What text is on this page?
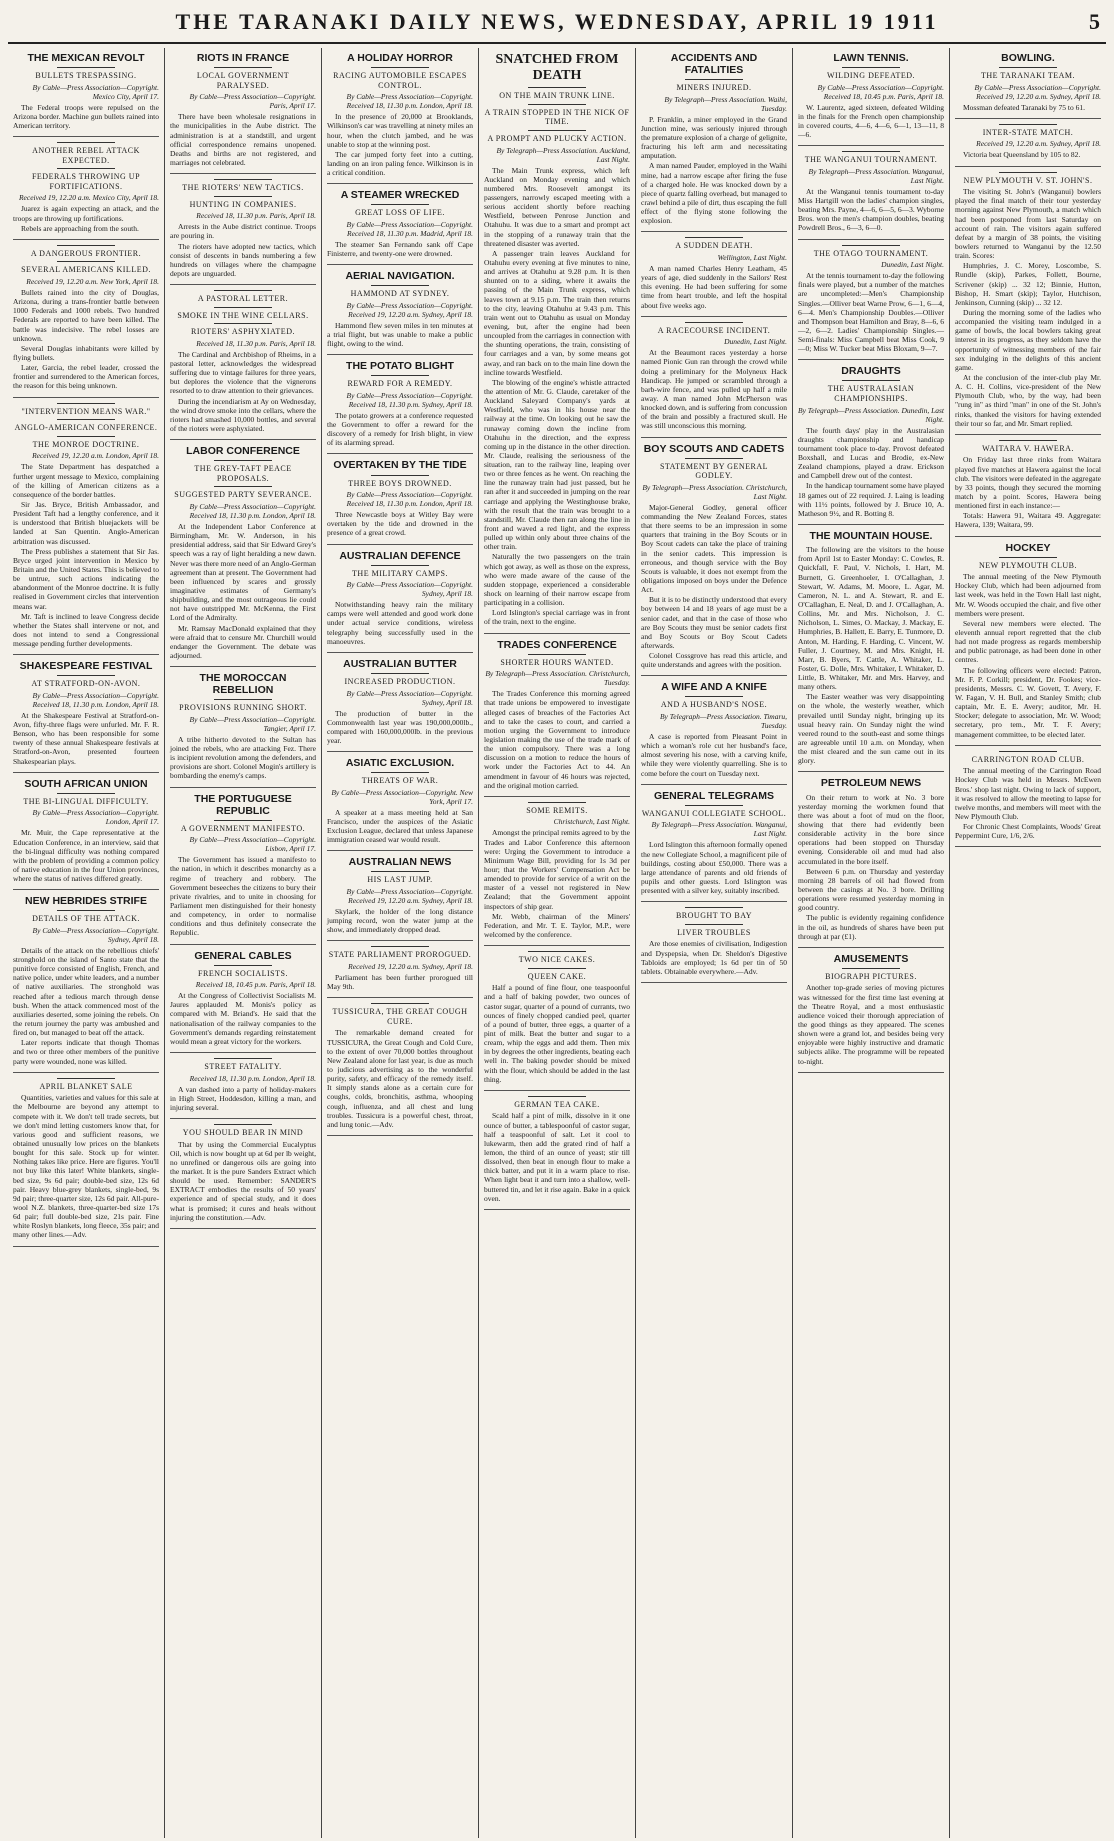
THE TARANAKI DAILY NEWS, WEDNESDAY, APRIL 19 1911	5
THE MEXICAN REVOLT
BULLETS TRESPASSING.
By Cable—Press Association—Copyright. Mexico City, April 17.

The Federal troops were repulsed on the Arizona border. Machine gun bullets rained into American territory.

ANOTHER REBEL ATTACK EXPECTED.
FEDERALS THROWING UP FORTIFICATIONS.
Received 19, 12.20 a.m. Mexico City, April 18.

Juarez is again expecting an attack, and the troops are throwing up fortifications.

Rebels are approaching from the south.

A DANGEROUS FRONTIER.
SEVERAL AMERICANS KILLED.
Received 19, 12.20 a.m. New York, April 18.

Bullets rained into the city of Douglas, Arizona, during a trans-frontier battle between 1000 Federals and 1000 rebels. Two hundred Federals are reported to have been killed. The battle was indecisive. The rebel losses are unknown.

Several Douglas inhabitants were killed by flying bullets.

Later, Garcia, the rebel leader, crossed the frontier and surrendered to the American forces, the reason for this being unknown.

"INTERVENTION MEANS WAR."
ANGLO-AMERICAN CONFERENCE.
THE MONROE DOCTRINE.
Received 19, 12.20 a.m. London, April 18.

The State Department has despatched a further urgent message to Mexico, complaining of the killing of American citizens as a consequence of the border battles.

Sir Jas. Bryce, British Ambassador, and President Taft had a lengthy conference, and it is understood that British bluejackets will be landed at San Quentin. Anglo-American arbitration was discussed.

The Press publishes a statement that Sir Jas. Bryce urged joint intervention in Mexico by Britain and the United States. This is believed to be untrue, such actions indicating the abandonment of the Monroe doctrine. It is fully realised in Government circles that intervention means war.

Mr. Taft is inclined to leave Congress decide whether the States shall intervene or not, and does not intend to send a Congressional message pending further developments.

SHAKESPEARE FESTIVAL
AT STRATFORD-ON-AVON.
By Cable—Press Association—Copyright. Received 18, 11.30 p.m. London, April 18.

At the Shakespeare Festival at Stratford-on-Avon, fifty-three flags were unfurled. Mr. F. R. Benson, who has been responsible for some twenty of these annual Shakespeare festivals at Stratford-on-Avon, presented fourteen Shakespearian plays.

SOUTH AFRICAN UNION
THE BI-LINGUAL DIFFICULTY.
By Cable—Press Association—Copyright. London, April 17.

Mr. Muir, the Cape representative at the Education Conference, in an interview, said that the bi-lingual difficulty was nothing compared with the problem of providing a common policy of native education in the four Union provinces, where the status of natives differed greatly.

NEW HEBRIDES STRIFE
DETAILS OF THE ATTACK.
By Cable—Press Association—Copyright. Sydney, April 18.

Details of the attack on the rebellious chiefs' stronghold on the island of Santo state that the punitive force consisted of English, French, and native police, under white leaders, and a number of native auxiliaries. The stronghold was reached after a tedious march through dense bush. When the attack commenced most of the auxiliaries deserted, some joining the rebels. On the return journey the party was ambushed and fired on, but managed to beat off the attack.

Later reports indicate that though Thomas and two or three other members of the punitive party were wounded, none was killed.

APRIL BLANKET SALE

Quantities, varieties and values for this sale at the Melbourne are beyond any attempt to compete with it. We don't tell trade secrets, but we don't mind letting customers know that, for various good and sufficient reasons, we obtained unusually low prices on the blankets bought for this sale. Stock up for winter. Nothing takes like price. Here are figures. You'll not buy like this later! White blankets, single-bed size, 9s 6d pair; double-bed size, 12s 6d pair. Heavy blue-grey blankets, single-bed, 9s 9d pair; three-quarter size, 12s 6d pair. All-pure-wool N.Z. blankets, three-quarter-bed size 17s 6d pair; full double-bed size, 21s pair. Fine white Roslyn blankets, long fleece, 35s pair; and many other lines.—Adv.

RIOTS IN FRANCE
LOCAL GOVERNMENT PARALYSED.
By Cable—Press Association—Copyright. Paris, April 17.

There have been wholesale resignations in the municipalities in the Aube district. The administration is at a standstill, and urgent official correspondence remains unopened. Deaths and births are not registered, and marriages not celebrated.

THE RIOTERS' NEW TACTICS.
HUNTING IN COMPANIES.
Received 18, 11.30 p.m. Paris, April 18.

Arrests in the Aube district continue. Troops are pouring in.

The rioters have adopted new tactics, which consist of descents in bands numbering a few hundreds on villages where the champagne depots are unguarded.

A PASTORAL LETTER.
SMOKE IN THE WINE CELLARS.
RIOTERS' ASPHYXIATED.
Received 18, 11.30 p.m. Paris, April 18.

The Cardinal and Archbishop of Rheims, in a pastoral letter, acknowledges the widespread suffering due to vintage failures for three years, but deplores the violence that the vignerons resorted to to draw attention to their grievances.

During the incendiarism at Ay on Wednesday, the wind drove smoke into the cellars, where the rioters had smashed 10,000 bottles, and several of the rioters were asphyxiated.

LABOR CONFERENCE
THE GREY-TAFT PEACE PROPOSALS.
SUGGESTED PARTY SEVERANCE.
By Cable—Press Association—Copyright. Received 18, 11.30 p.m. London, April 18.

At the Independent Labor Conference at Birmingham, Mr. W. Anderson, in his presidential address, said that Sir Edward Grey's speech was a ray of light heralding a new dawn. Never was there more need of an Anglo-German agreement than at present. The Government had been influenced by scares and grossly imaginative estimates of Germany's shipbuilding, and the most outrageous lie could not have outstripped Mr. McKenna, the First Lord of the Admiralty.

Mr. Ramsay MacDonald explained that they were afraid that to censure Mr. Churchill would endanger the Government. The debate was adjourned.

THE MOROCCAN REBELLION
PROVISIONS RUNNING SHORT.
By Cable—Press Association—Copyright. Tangier, April 17.

A tribe hitherto devoted to the Sultan has joined the rebels, who are attacking Fez. There is incipient revolution among the defenders, and provisions are short. Colonel Mogin's artillery is bombarding the enemy's camps.

THE PORTUGUESE REPUBLIC
A GOVERNMENT MANIFESTO.
By Cable—Press Association—Copyright. Lisbon, April 17.

The Government has issued a manifesto to the nation, in which it describes monarchy as a regime of treachery and robbery. The Government beseeches the citizens to bury their private rivalries, and to unite in choosing for Parliament men distinguished for their honesty and competency, in order to normalise conditions and thus definitely consecrate the Republic.

GENERAL CABLES
FRENCH SOCIALISTS.
Received 18, 10.45 p.m. Paris, April 18.

At the Congress of Collectivist Socialists M. Jaures applauded M. Monis's policy as compared with M. Briand's. He said that the nationalisation of the railway companies to the Government's demands regarding reinstatement would mean a great victory for the workers.

STREET FATALITY.
Received 18, 11.30 p.m. London, April 18.

A van dashed into a party of holiday-makers in High Street, Hoddesdon, killing a man, and injuring several.

YOU SHOULD BEAR IN MIND

That by using the Commercial Eucalyptus Oil, which is now bought up at 6d per lb weight, no unrefined or dangerous oils are going into the market. It is the pure Sanders Extract which should be used. Remember: SANDER'S EXTRACT embodies the results of 50 years' experience and of special study, and it does what is promised; it cures and heals without injuring the constitution.—Adv.

A HOLIDAY HORROR
RACING AUTOMOBILE ESCAPES CONTROL.
By Cable—Press Association—Copyright. Received 18, 11.30 p.m. London, April 18.

In the presence of 20,000 at Brooklands, Wilkinson's car was travelling at ninety miles an hour, when the clutch jambed, and he was unable to stop at the winning post.

The car jumped forty feet into a cutting, landing on an iron paling fence. Wilkinson is in a critical condition.

A STEAMER WRECKED
GREAT LOSS OF LIFE.
By Cable—Press Association—Copyright. Received 18, 11.30 p.m. Madrid, April 18.

The steamer San Fernando sank off Cape Finisterre, and twenty-one were drowned.

AERIAL NAVIGATION.
HAMMOND AT SYDNEY.
By Cable—Press Association—Copyright. Received 19, 12.20 a.m. Sydney, April 18.

Hammond flew seven miles in ten minutes at a trial flight, but was unable to make a public flight, owing to the wind.

THE POTATO BLIGHT
REWARD FOR A REMEDY.
By Cable—Press Association—Copyright. Received 18, 11.30 p.m. Sydney, April 18.

The potato growers at a conference requested the Government to offer a reward for the discovery of a remedy for Irish blight, in view of its alarming spread.

OVERTAKEN BY THE TIDE
THREE BOYS DROWNED.
By Cable—Press Association—Copyright. Received 18, 11.30 p.m. London, April 18.

Three Newcastle boys at Witley Bay were overtaken by the tide and drowned in the presence of a great crowd.

AUSTRALIAN DEFENCE
THE MILITARY CAMPS.
By Cable—Press Association—Copyright. Sydney, April 18.

Notwithstanding heavy rain the military camps were well attended and good work done under actual service conditions, wireless telegraphy being successfully used in the manoeuvres.

AUSTRALIAN BUTTER
INCREASED PRODUCTION.
By Cable—Press Association—Copyright. Sydney, April 18.

The production of butter in the Commonwealth last year was 190,000,000lb., compared with 160,000,000lb. in the previous year.

ASIATIC EXCLUSION.
THREATS OF WAR.
By Cable—Press Association—Copyright. New York, April 17.

A speaker at a mass meeting held at San Francisco, under the auspices of the Asiatic Exclusion League, declared that unless Japanese immigration ceased war would result.

AUSTRALIAN NEWS
HIS LAST JUMP.
By Cable—Press Association—Copyright. Received 19, 12.20 a.m. Sydney, April 18.

Skylark, the holder of the long distance jumping record, won the water jump at the show, and immediately dropped dead.

STATE PARLIAMENT PROROGUED.
Received 19, 12.20 a.m. Sydney, April 18.

Parliament has been further prorogued till May 9th.

TUSSICURA, THE GREAT COUGH CURE.

The remarkable demand created for TUSSICURA, the Great Cough and Cold Cure, to the extent of over 70,000 bottles throughout New Zealand alone for last year, is due as much to judicious advertising as to the wonderful purity, safety, and efficacy of the remedy itself. It simply stands alone as a certain cure for coughs, colds, bronchitis, asthma, whooping cough, influenza, and all chest and lung troubles. Tussicura is a powerful chest, throat, and lung tonic.—Adv.

SNATCHED FROM DEATH
ON THE MAIN TRUNK LINE.
A TRAIN STOPPED IN THE NICK OF TIME.
A PROMPT AND PLUCKY ACTION.
By Telegraph—Press Association. Auckland, Last Night.

The Main Trunk express, which left Auckland on Monday evening and which numbered Mrs. Roosevelt amongst its passengers, narrowly escaped meeting with a serious accident shortly before reaching Westfield, between Penrose Junction and Otahuhu. It was due to a smart and prompt act in the stopping of a runaway train that the threatened disaster was averted.

A passenger train leaves Auckland for Otahuhu every evening at five minutes to nine, and arrives at Otahuhu at 9.28 p.m. It is then shunted on to a siding, where it awaits the passing of the Main Trunk express, which leaves town at 9.15 p.m. The train then returns to the city, leaving Otahuhu at 9.43 p.m. This train went out to Otahuhu as usual on Monday evening, but, after the engine had been uncoupled from the carriages in connection with the shunting operations, the train, consisting of four carriages and a van, by some means got away, and ran back on to the main line down the incline towards Westfield.

The blowing of the engine's whistle attracted the attention of Mr. G. Claude, caretaker of the Auckland Saleyard Company's yards at Westfield, who was in his house near the railway at the time. On looking out he saw the runaway coming down the incline from Otahuhu in the direction, and the express coming up in the distance in the other direction. Mr. Claude, realising the seriousness of the situation, ran to the railway line, leaping over two or three fences as he went. On reaching the line the runaway train had just passed, but he ran after it and succeeded in jumping on the rear carriage and applying the Westinghouse brake, with the result that the train was brought to a standstill, Mr. Claude then ran along the line in front and waved a red light, and the express pulled up within only about three chains of the other train.

Naturally the two passengers on the train which got away, as well as those on the express, who were made aware of the cause of the sudden stoppage, experienced a considerable shock on learning of their narrow escape from participating in a collision.

Lord Islington's special carriage was in front of the train, next to the engine.

TRADES CONFERENCE
SHORTER HOURS WANTED.
By Telegraph—Press Association. Christchurch, Tuesday.

The Trades Conference this morning agreed that trade unions be empowered to investigate alleged cases of breaches of the Factories Act and to take the cases to court, and carried a motion urging the Government to introduce legislation making the use of the trade mark of the union compulsory. There was a long discussion on a motion to reduce the hours of work under the Factories Act to 44. An amendment in favour of 46 hours was rejected, and the original motion carried.

SOME REMITS.
Christchurch, Last Night.

Amongst the principal remits agreed to by the Trades and Labor Conference this afternoon were: Urging the Government to introduce a Minimum Wage Bill, providing for 1s 3d per hour; that the Workers' Compensation Act be amended to provide for service of a writ on the master of a vessel not registered in New Zealand; that the Government appoint inspectors of ship gear.

Mr. Webb, chairman of the Miners' Federation, and Mr. T. E. Taylor, M.P., were welcomed by the conference.

TWO NICE CAKES.
QUEEN CAKE.

Half a pound of fine flour, one teaspoonful and a half of baking powder, two ounces of castor sugar, quarter of a pound of currants, two ounces of finely chopped candied peel, quarter of a pound of butter, three eggs, a quarter of a pint of milk. Beat the butter and sugar to a cream, whip the eggs and add them. Then mix in by degrees the other ingredients, beating each well in. The baking powder should be mixed with the flour, which should be added in the last thing.

GERMAN TEA CAKE.

Scald half a pint of milk, dissolve in it one ounce of butter, a tablespoonful of castor sugar, half a teaspoonful of salt. Let it cool to lukewarm, then add the grated rind of half a lemon, the third of an ounce of yeast; stir till dissolved, then beat in enough flour to make a thick batter, and put it in a warm place to rise. When light beat it and turn into a shallow, well-buttered tin, and let it rise again. Bake in a quick oven.

ACCIDENTS AND FATALITIES
MINERS INJURED.
By Telegraph—Press Association. Waihi, Tuesday.

P. Franklin, a miner employed in the Grand Junction mine, was seriously injured through the premature explosion of a charge of gelignite, fracturing his left arm and necessitating amputation.

A man named Pauder, employed in the Waihi mine, had a narrow escape after firing the fuse of a charged hole. He was knocked down by a piece of quartz falling overhead, but managed to crawl behind a pile of dirt, thus escaping the full effect of the flying stone following the explosion.

A SUDDEN DEATH.
Wellington, Last Night.

A man named Charles Henry Leatham, 45 years of age, died suddenly in the Sailors' Rest this evening. He had been suffering for some time from heart trouble, and left the hospital about five weeks ago.

A RACECOURSE INCIDENT.
Dunedin, Last Night.

At the Beaumont races yesterday a horse named Pionic Gun ran through the crowd while doing a preliminary for the Molyneux Hack Handicap. He jumped or scrambled through a barb-wire fence, and was pulled up half a mile away. A man named John McPherson was knocked down, and is suffering from concussion of the brain and possibly a fractured skull. He was still unconscious this morning.

BOY SCOUTS AND CADETS
STATEMENT BY GENERAL GODLEY.
By Telegraph—Press Association. Christchurch, Last Night.

Major-General Godley, general officer commanding the New Zealand Forces, states that there seems to be an impression in some quarters that training in the Boy Scouts or in Boy Scout cadets can take the place of training in the senior cadets. This impression is erroneous, and though service with the Boy Scouts is valuable, it does not exempt from the obligations imposed on boys under the Defence Act.

But it is to be distinctly understood that every boy between 14 and 18 years of age must be a senior cadet, and that in the case of those who are Boy Scouts they must be senior cadets first and Boy Scouts or Boy Scout Cadets afterwards.

Colonel Cossgrove has read this article, and quite understands and agrees with the position.

A WIFE AND A KNIFE
AND A HUSBAND'S NOSE.
By Telegraph—Press Association. Timaru, Tuesday.

A case is reported from Pleasant Point in which a woman's role cut her husband's face, almost severing his nose, with a carving knife, while they were violently quarrelling. She is to come before the court on Tuesday next.

GENERAL TELEGRAMS
WANGANUI COLLEGIATE SCHOOL.
By Telegraph—Press Association. Wanganui, Last Night.

Lord Islington this afternoon formally opened the new Collegiate School, a magnificent pile of buildings, costing about £50,000. There was a large attendance of parents and old friends of pupils and other guests. Lord Islington was presented with a silver key, suitably inscribed.

BROUGHT TO BAY
LIVER TROUBLES

Are those enemies of civilisation, Indigestion and Dyspepsia, when Dr. Sheldon's Digestive Tabloids are employed; 1s 6d per tin of 50 tablets. Obtainable everywhere.—Adv.

LAWN TENNIS.
WILDING DEFEATED.
By Cable—Press Association—Copyright. Received 18, 10.45 p.m. Paris, April 18.

W. Laurentz, aged sixteen, defeated Wilding in the finals for the French open championship in covered courts, 4—6, 4—6, 6—1, 13—11, 8—6.

THE WANGANUI TOURNAMENT.
By Telegraph—Press Association. Wanganui, Last Night.

At the Wanganui tennis tournament to-day Miss Hartgill won the ladies' champion singles, beating Mrs. Payne, 4—6, 6—5, 6—3. Wyborne Bros. won the men's champion doubles, beating Powdrell Bros., 6—3, 6—0.

THE OTAGO TOURNAMENT.
Dunedin, Last Night.

At the tennis tournament to-day the following finals were played, but a number of the matches are uncompleted:—Men's Championship Singles.—Olliver beat Warne Prow, 6—1, 6—4, 6—4. Men's Championship Doubles.—Olliver and Thompson beat Hamilton and Bray, 8—6, 6—2, 6—2. Ladies' Championship Singles.—Semi-finals: Miss Campbell beat Miss Cook, 9—0; Miss W. Tucker beat Miss Bloxam, 9—7.

DRAUGHTS
THE AUSTRALASIAN CHAMPIONSHIPS.
By Telegraph—Press Association. Dunedin, Last Night.

The fourth days' play in the Australasian draughts championship and handicap tournament took place to-day. Provost defeated Boxshall, and Lucas and Brodie, ex-New Zealand champions, played a draw. Erickson and Campbell drew out of the contest.

In the handicap tournament some have played 18 games out of 22 required. J. Laing is leading with 11½ points, followed by J. Bruce 10, A. Matheson 9½, and R. Botting 8.

THE MOUNTAIN HOUSE.

The following are the visitors to the house from April 1st to Easter Monday: C. Cowles, R. Quickfall, F. Paul, V. Nichols, I. Hart, M. Burnett, G. Greenhoeler, I. O'Callaghan, J. Stewart, W. Adams, M. Moore, L. Agar, M. Cameron, N. L. and A. Stewart, R. and E. O'Callaghan, E. Neal, D. and J. O'Callaghan, A. Collins, Mr. and Mrs. Nicholson, J. C. Nicholson, L. Simes, O. Mackay, J. Mackay, E. Humphries, B. Hallett, E. Barry, E. Tunmore, D. Anton, M. Harding, F. Harding, C. Vincent, W. Fuller, J. Courtney, M. and Mrs. Knight, H. Marr, B. Byers, T. Cattle, A. Whitaker, L. Foster, G. Dolle, Mrs. Whitaker, I. Whitaker, D. Little, B. Whitaker, Mr. and Mrs. Harvey, and many others.

The Easter weather was very disappointing on the whole, the westerly weather, which prevailed until Sunday night, bringing up its usual heavy rain. On Sunday night the wind veered round to the south-east and some things are agreeable until 10 a.m. on Monday, when the mist cleared and the sun came out in its glory.

PETROLEUM NEWS

On their return to work at No. 3 bore yesterday morning the workmen found that there was about a foot of mud on the floor, showing that there had evidently been considerable activity in the bore since operations had been stopped on Thursday evening. Considerable oil and mud had also accumulated in the bore itself.

Between 6 p.m. on Thursday and yesterday morning 28 barrels of oil had flowed from between the casings at No. 3 bore. Drilling operations were resumed yesterday morning in good country.

The public is evidently regaining confidence in the oil, as hundreds of shares have been put through at par (£1).

AMUSEMENTS
BIOGRAPH PICTURES.

Another top-grade series of moving pictures was witnessed for the first time last evening at the Theatre Royal, and a most enthusiastic audience voiced their thorough appreciation of the good things as they appeared. The scenes shown were a grand lot, and besides being very enjoyable were highly instructive and dramatic subjects alike. The programme will be repeated to-night.

BOWLING.
THE TARANAKI TEAM.
By Cable—Press Association—Copyright. Received 19, 12.20 a.m. Sydney, April 18.

Mossman defeated Taranaki by 75 to 61.

INTER-STATE MATCH.
Received 19, 12.20 a.m. Sydney, April 18.

Victoria beat Queensland by 105 to 82.

NEW PLYMOUTH V. ST. JOHN'S.

The visiting St. John's (Wanganui) bowlers played the final match of their tour yesterday morning against New Plymouth, a match which had been postponed from last Saturday on account of rain. The visitors again suffered defeat by a margin of 38 points, the visiting bowlers returned to Wanganui by the 12.50 train. Scores:

Humphries, J. C. Morey, Loscombe, S. Rundle (skip), Parkes, Follett, Bourne, Scrivener (skip) ... 32 12; Binnie, Hutton, Bishop, H. Smart (skip); Taylor, Hutchison, Jenkinson, Cunning (skip) ... 32 12.

During the morning some of the ladies who accompanied the visiting team indulged in a game of bowls, the local bowlers taking great interest in its progress, as they seldom have the opportunity of witnessing members of the fair sex indulging in the delights of this ancient game.

At the conclusion of the inter-club play Mr. A. C. H. Collins, vice-president of the New Plymouth Club, who, by the way, had been "rung in" as third "man" in one of the St. John's rinks, thanked the visitors for having extended their tour so far, and Mr. Smart replied.

WAITARA V. HAWERA.

On Friday last three rinks from Waitara played five matches at Hawera against the local club. The visitors were defeated in the aggregate by 33 points, though they secured the morning match by a point. Scores, Hawera being mentioned first in each instance:—

Totals: Hawera 91, Waitara 49. Aggregate: Hawera, 139; Waitara, 99.

HOCKEY
NEW PLYMOUTH CLUB.

The annual meeting of the New Plymouth Hockey Club, which had been adjourned from last week, was held in the Town Hall last night, Mr. W. Woods occupied the chair, and five other members were present.

Several new members were elected. The eleventh annual report regretted that the club had not made progress as regards membership and public patronage, as had been done in other centres.

The following officers were elected: Patron, Mr. F. P. Corkill; president, Dr. Fookes; vice-presidents, Messrs. C. W. Govett, T. Avery, F. W. Fagan, V. H. Bull, and Stanley Smith; club captain, Mr. E. E. Avery; auditor, Mr. H. Stocker; delegate to association, Mr. W. Wood; secretary, pro tem., Mr. T. F. Avery; management committee, to be elected later.

CARRINGTON ROAD CLUB.

The annual meeting of the Carrington Road Hockey Club was held in Messrs. McEwen Bros.' shop last night. Owing to lack of support, it was resolved to allow the meeting to lapse for twelve months, and members will meet with the New Plymouth Club.

For Chronic Chest Complaints, Woods' Great Peppermint Cure, 1/6, 2/6.
